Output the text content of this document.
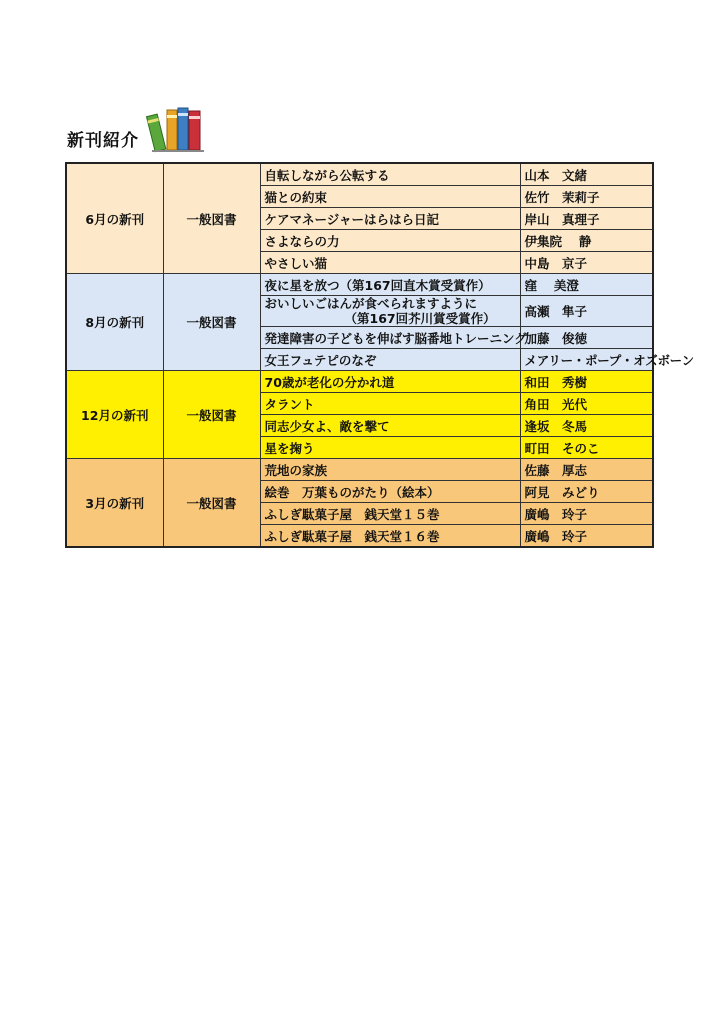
新刊紹介
6月の新刊	一般図書	自転しながら公転する	山本　文緒
		猫との約束	佐竹　茉莉子
		ケアマネージャーはらはら日記	岸山　真理子
		さよならの力	伊集院　 静
		やさしい猫	中島　京子
8月の新刊	一般図書	夜に星を放つ（第167回直木賞受賞作）	窪　 美澄
		おいしいごはんが食べられますように
（第167回芥川賞受賞作）	高瀬　隼子
		発達障害の子どもを伸ばす脳番地トレーニング	加藤　俊徳
		女王フュテピのなぞ	メアリー・ポープ・オズボーン
12月の新刊	一般図書	70歳が老化の分かれ道	和田　秀樹
		タラント	角田　光代
		同志少女よ、敵を撃て	逢坂　冬馬
		星を掬う	町田　そのこ
3月の新刊	一般図書	荒地の家族	佐藤　厚志
		絵巻　万葉ものがたり（絵本）	阿見　みどり
		ふしぎ駄菓子屋　銭天堂１５巻	廣嶋　玲子
		ふしぎ駄菓子屋　銭天堂１６巻	廣嶋　玲子
